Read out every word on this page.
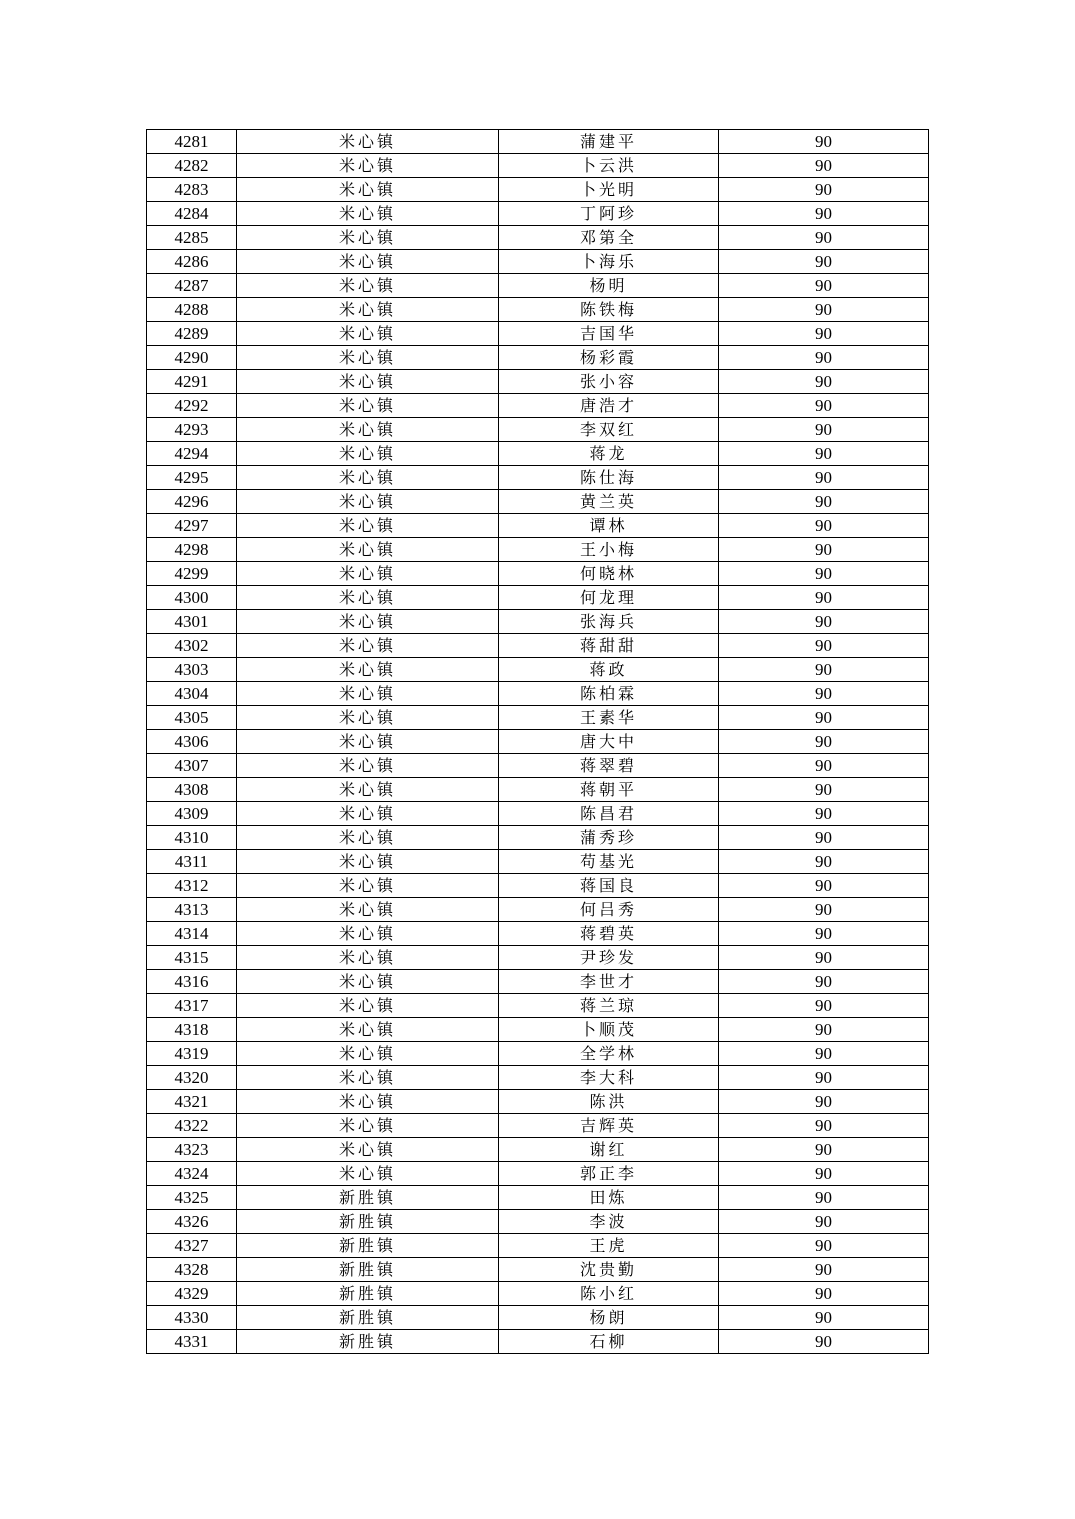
4281	米心镇	蒲建平	90
4282	米心镇	卜云洪	90
4283	米心镇	卜光明	90
4284	米心镇	丁阿珍	90
4285	米心镇	邓第全	90
4286	米心镇	卜海乐	90
4287	米心镇	杨明	90
4288	米心镇	陈铁梅	90
4289	米心镇	吉国华	90
4290	米心镇	杨彩霞	90
4291	米心镇	张小容	90
4292	米心镇	唐浩才	90
4293	米心镇	李双红	90
4294	米心镇	蒋龙	90
4295	米心镇	陈仕海	90
4296	米心镇	黄兰英	90
4297	米心镇	谭林	90
4298	米心镇	王小梅	90
4299	米心镇	何晓林	90
4300	米心镇	何龙理	90
4301	米心镇	张海兵	90
4302	米心镇	蒋甜甜	90
4303	米心镇	蒋政	90
4304	米心镇	陈柏霖	90
4305	米心镇	王素华	90
4306	米心镇	唐大中	90
4307	米心镇	蒋翠碧	90
4308	米心镇	蒋朝平	90
4309	米心镇	陈昌君	90
4310	米心镇	蒲秀珍	90
4311	米心镇	苟基光	90
4312	米心镇	蒋国良	90
4313	米心镇	何吕秀	90
4314	米心镇	蒋碧英	90
4315	米心镇	尹珍发	90
4316	米心镇	李世才	90
4317	米心镇	蒋兰琼	90
4318	米心镇	卜顺茂	90
4319	米心镇	全学林	90
4320	米心镇	李大科	90
4321	米心镇	陈洪	90
4322	米心镇	吉辉英	90
4323	米心镇	谢红	90
4324	米心镇	郭正李	90
4325	新胜镇	田炼	90
4326	新胜镇	李波	90
4327	新胜镇	王虎	90
4328	新胜镇	沈贵勤	90
4329	新胜镇	陈小红	90
4330	新胜镇	杨朗	90
4331	新胜镇	石柳	90
